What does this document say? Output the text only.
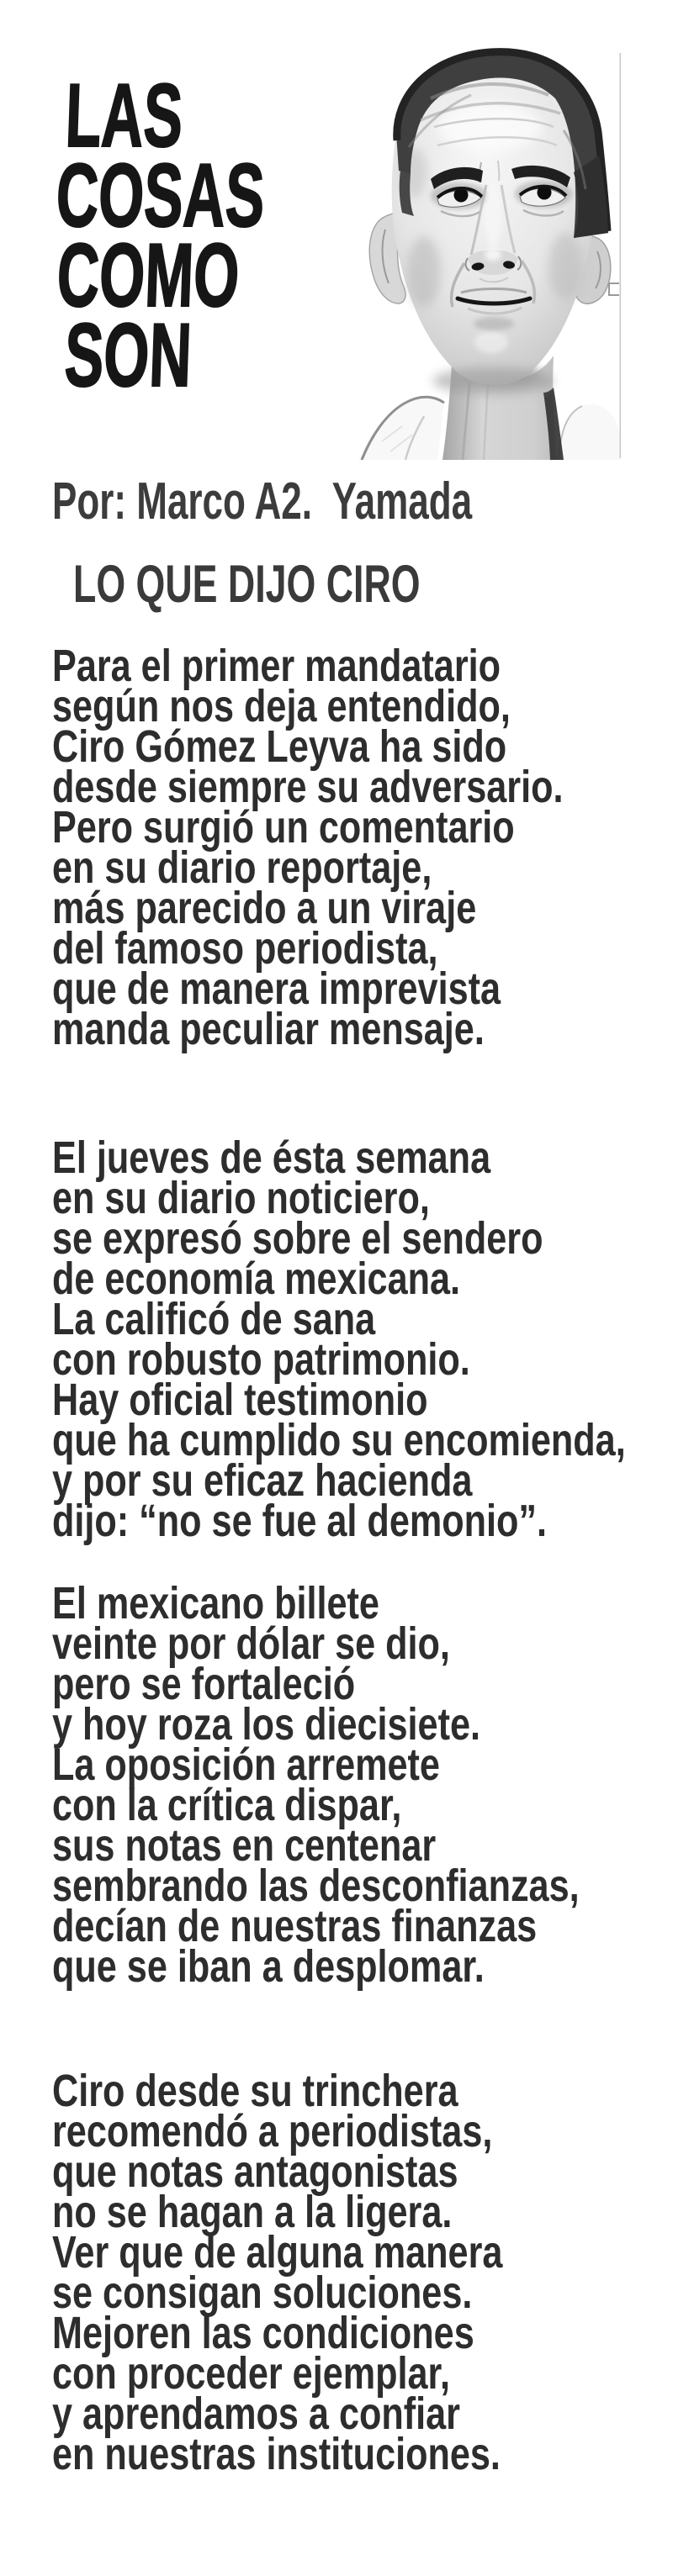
LAS
COSAS
COMO
SON
Por: Marco A2.  Yamada
LO QUE DIJO CIRO
Para el primer mandatario
según nos deja entendido,
Ciro Gómez Leyva ha sido
desde siempre su adversario.
Pero surgió un comentario
en su diario reportaje,
más parecido a un viraje
del famoso periodista,
que de manera imprevista
manda peculiar mensaje.
El jueves de ésta semana
en su diario noticiero,
se expresó sobre el sendero
de economía mexicana.
La calificó de sana
con robusto patrimonio.
Hay oficial testimonio
que ha cumplido su encomienda,
y por su eficaz hacienda
dijo: “no se fue al demonio”.
El mexicano billete
veinte por dólar se dio,
pero se fortaleció
y hoy roza los diecisiete.
La oposición arremete
con la crítica dispar,
sus notas en centenar
sembrando las desconfianzas,
decían de nuestras finanzas
que se iban a desplomar.
Ciro desde su trinchera
recomendó a periodistas,
que notas antagonistas
no se hagan a la ligera.
Ver que de alguna manera
se consigan soluciones.
Mejoren las condiciones
con proceder ejemplar,
y aprendamos a confiar
en nuestras instituciones.
